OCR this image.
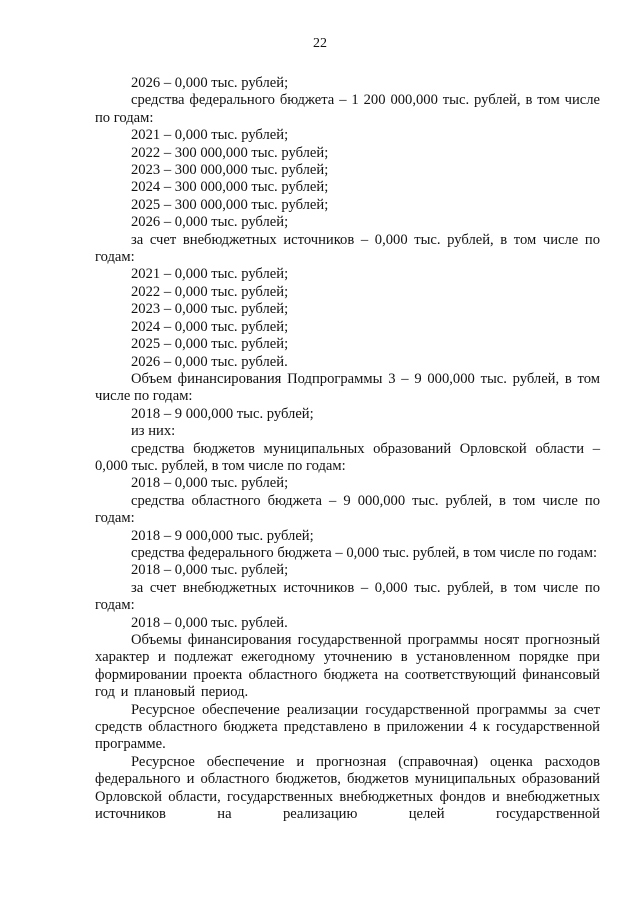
22

2026 – 0,000 тыс. рублей;

средства федерального бюджета – 1 200 000,000 тыс. рублей, в том числе по годам:

2021 – 0,000 тыс. рублей;

2022 – 300 000,000 тыс. рублей;

2023 – 300 000,000 тыс. рублей;

2024 – 300 000,000 тыс. рублей;

2025 – 300 000,000 тыс. рублей;

2026 – 0,000 тыс. рублей;

за счет внебюджетных источников – 0,000 тыс. рублей, в том числе по годам:

2021 – 0,000 тыс. рублей;

2022 – 0,000 тыс. рублей;

2023 – 0,000 тыс. рублей;

2024 – 0,000 тыс. рублей;

2025 – 0,000 тыс. рублей;

2026 – 0,000 тыс. рублей.

Объем финансирования Подпрограммы 3 – 9 000,000 тыс. рублей, в том числе по годам:

2018 – 9 000,000 тыс. рублей;

из них:

средства бюджетов муниципальных образований Орловской области – 0,000 тыс. рублей, в том числе по годам:

2018 – 0,000 тыс. рублей;

средства областного бюджета – 9 000,000 тыс. рублей, в том числе по годам:

2018 – 9 000,000 тыс. рублей;

средства федерального бюджета – 0,000 тыс. рублей, в том числе по годам:

2018 – 0,000 тыс. рублей;

за счет внебюджетных источников – 0,000 тыс. рублей, в том числе по годам:

2018 – 0,000 тыс. рублей.

Объемы финансирования государственной программы носят прогнозный характер и подлежат ежегодному уточнению в установленном порядке при формировании проекта областного бюджета на соответствующий финансовый год и плановый период.

Ресурсное обеспечение реализации государственной программы за счет средств областного бюджета представлено в приложении 4 к государственной программе.

Ресурсное обеспечение и прогнозная (справочная) оценка расходов федерального и областного бюджетов, бюджетов муниципальных образований Орловской области, государственных внебюджетных фондов и внебюджетных источников на реализацию целей государственной
